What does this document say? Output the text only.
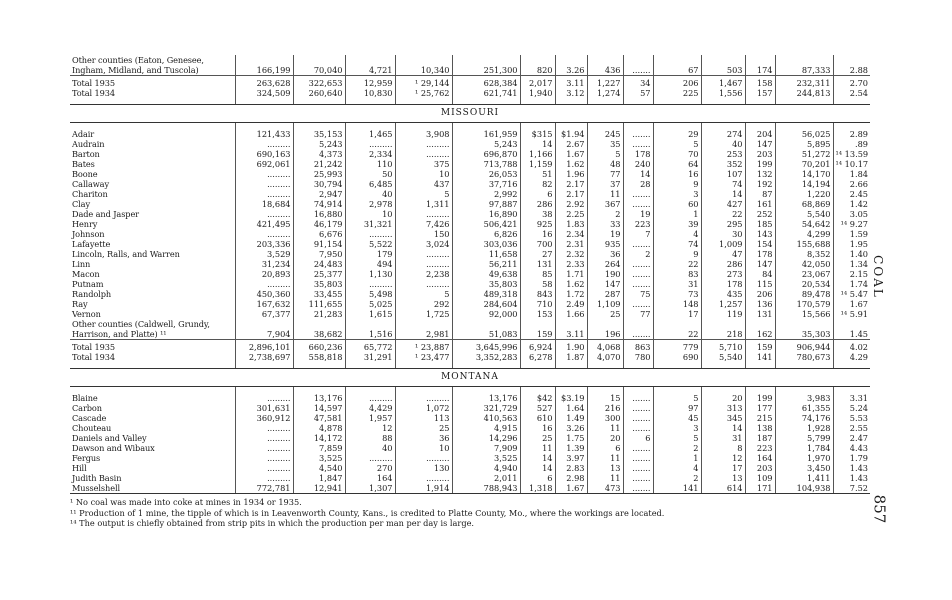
Other counties (Eaton, Genesee,														
Ingham, Midland, and Tuscola)	166,199	70,040	4,721	10,340	251,300	820	3.26	436	.......	67	503	174	87,333	2.88
Total 1935	263,628	322,653	12,959	¹ 29,144	628,384	2,017	3.11	1,227	34	206	1,467	158	232,311	2.70
Total 1934	324,509	260,640	10,830	¹ 25,762	621,741	1,940	3.12	1,274	57	225	1,556	157	244,813	2.54

MISSOURI

Adair	121,433	35,153	1,465	3,908	161,959	$315	$1.94	245	.......	29	274	204	56,025	2.89
Audrain	.........	5,243	.........	.........	5,243	14	2.67	35	.......	5	40	147	5,895	.89
Barton	690,163	4,373	2,334	.........	696,870	1,166	1.67	5	178	70	253	203	51,272	¹⁴ 13.59
Bates	692,061	21,242	110	375	713,788	1,159	1.62	48	240	64	352	199	70,201	¹⁴ 10.17
Boone	.........	25,993	50	10	26,053	51	1.96	77	14	16	107	132	14,170	1.84
Callaway	.........	30,794	6,485	437	37,716	82	2.17	37	28	9	74	192	14,194	2.66
Chariton	.........	2,947	40	5	2,992	6	2.17	11	.......	3	14	87	1,220	2.45
Clay	18,684	74,914	2,978	1,311	97,887	286	2.92	367	.......	60	427	161	68,869	1.42
Dade and Jasper	.........	16,880	10	.........	16,890	38	2.25	2	19	1	22	252	5,540	3.05
Henry	421,495	46,179	31,321	7,426	506,421	925	1.83	33	223	39	295	185	54,642	¹⁴ 9.27
Johnson	.........	6,676	.........	150	6,826	16	2.34	19	7	4	30	143	4,299	1.59
Lafayette	203,336	91,154	5,522	3,024	303,036	700	2.31	935	.......	74	1,009	154	155,688	1.95
Lincoln, Ralls, and Warren	3,529	7,950	179	.........	11,658	27	2.32	36	2	9	47	178	8,352	1.40
Linn	31,234	24,483	494	.........	56,211	131	2.33	264	.......	22	286	147	42,050	1.34
Macon	20,893	25,377	1,130	2,238	49,638	85	1.71	190	.......	83	273	84	23,067	2.15
Putnam	.........	35,803	.........	.........	35,803	58	1.62	147	.......	31	178	115	20,534	1.74
Randolph	450,360	33,455	5,498	5	489,318	843	1.72	287	75	73	435	206	89,478	¹⁴ 5.47
Ray	167,632	111,655	5,025	292	284,604	710	2.49	1,109	.......	148	1,257	136	170,579	1.67
Vernon	67,377	21,283	1,615	1,725	92,000	153	1.66	25	77	17	119	131	15,566	¹⁴ 5.91
Other counties (Caldwell, Grundy,														
Harrison, and Platte) ¹¹	7,904	38,682	1,516	2,981	51,083	159	3.11	196	.......	22	218	162	35,303	1.45
Total 1935	2,896,101	660,236	65,772	¹ 23,887	3,645,996	6,924	1.90	4,068	863	779	5,710	159	906,944	4.02
Total 1934	2,738,697	558,818	31,291	¹ 23,477	3,352,283	6,278	1.87	4,070	780	690	5,540	141	780,673	4.29

MONTANA

Blaine	.........	13,176	.........	.........	13,176	$42	$3.19	15	.......	5	20	199	3,983	3.31
Carbon	301,631	14,597	4,429	1,072	321,729	527	1.64	216	.......	97	313	177	61,355	5.24
Cascade	360,912	47,581	1,957	113	410,563	610	1.49	300	.......	45	345	215	74,176	5.53
Chouteau	.........	4,878	12	25	4,915	16	3.26	11	.......	3	14	138	1,928	2.55
Daniels and Valley	.........	14,172	88	36	14,296	25	1.75	20	6	5	31	187	5,799	2.47
Dawson and Wibaux	.........	7,859	40	10	7,909	11	1.39	6	.......	2	8	223	1,784	4.43
Fergus	.........	3,525	.........	.........	3,525	14	3.97	11	.......	1	12	164	1,970	1.79
Hill	.........	4,540	270	130	4,940	14	2.83	13	.......	4	17	203	3,450	1.43
Judith Basin	.........	1,847	164	.........	2,011	6	2.98	11	.......	2	13	109	1,411	1.43
Musselshell	772,781	12,941	1,307	1,914	788,943	1,318	1.67	473	.......	141	614	171	104,938	7.52
¹ No coal was made into coke at mines in 1934 or 1935.
¹¹ Production of 1 mine, the tipple of which is in Leavenworth County, Kans., is credited to Platte County, Mo., where the workings are located.
¹⁴ The output is chiefly obtained from strip pits in which the production per man per day is large.
COAL
857
